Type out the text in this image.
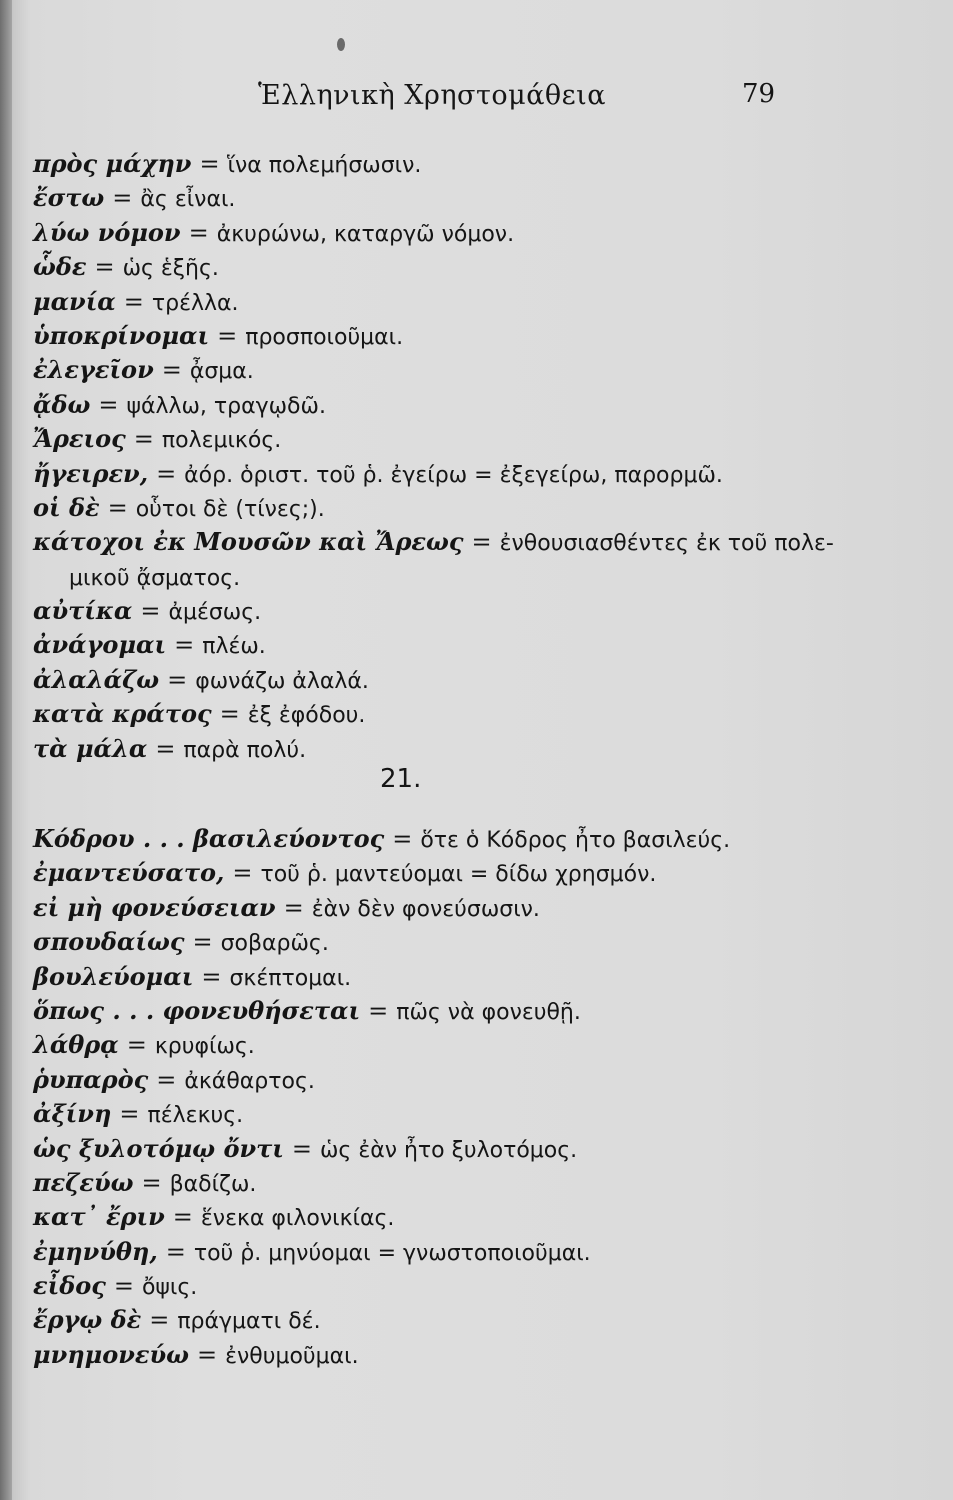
Ἑλληνικὴ Χρηστομάθεια	79
πρὸς μάχην = ἵνα πολεμήσωσιν.
ἔστω = ἂς εἶναι.
λύω νόμον = ἀκυρώνω, καταργῶ νόμον.
ὧδε = ὡς ἑξῆς.
μανία = τρέλλα.
ὑποκρίνομαι = προσποιοῦμαι.
ἐλεγεῖον = ᾆσμα.
ᾄδω = ψάλλω, τραγῳδῶ.
Ἄρειος = πολεμικός.
ἤγειρεν, = ἀόρ. ὁριστ. τοῦ ῥ. ἐγείρω = ἐξεγείρω, παρορμῶ.
οἱ δὲ = οὗτοι δὲ (τίνες;).
κάτοχοι ἐκ Μουσῶν καὶ Ἄρεως = ἐνθουσιασθέντες ἐκ τοῦ πολε-
μικοῦ ᾄσματος.
αὐτίκα = ἀμέσως.
ἀνάγομαι = πλέω.
ἀλαλάζω = φωνάζω ἀλαλά.
κατὰ κράτος = ἐξ ἐφόδου.
τὰ μάλα = παρὰ πολύ.
21.
Κόδρου . . . βασιλεύοντος = ὅτε ὁ Κόδρος ἦτο βασιλεύς.
ἐμαντεύσατο, = τοῦ ῥ. μαντεύομαι = δίδω χρησμόν.
εἰ μὴ φονεύσειαν = ἐὰν δὲν φονεύσωσιν.
σπουδαίως = σοβαρῶς.
βουλεύομαι = σκέπτομαι.
ὅπως . . . φονευθήσεται = πῶς νὰ φονευθῇ.
λάθρᾳ = κρυφίως.
ῥυπαρὸς = ἀκάθαρτος.
ἀξίνη = πέλεκυς.
ὡς ξυλοτόμῳ ὄντι = ὡς ἐὰν ἦτο ξυλοτόμος.
πεζεύω = βαδίζω.
κατ᾽ ἔριν = ἕνεκα φιλονικίας.
ἐμηνύθη, = τοῦ ῥ. μηνύομαι = γνωστοποιοῦμαι.
εἶδος = ὄψις.
ἔργῳ δὲ = πράγματι δέ.
μνημονεύω = ἐνθυμοῦμαι.
